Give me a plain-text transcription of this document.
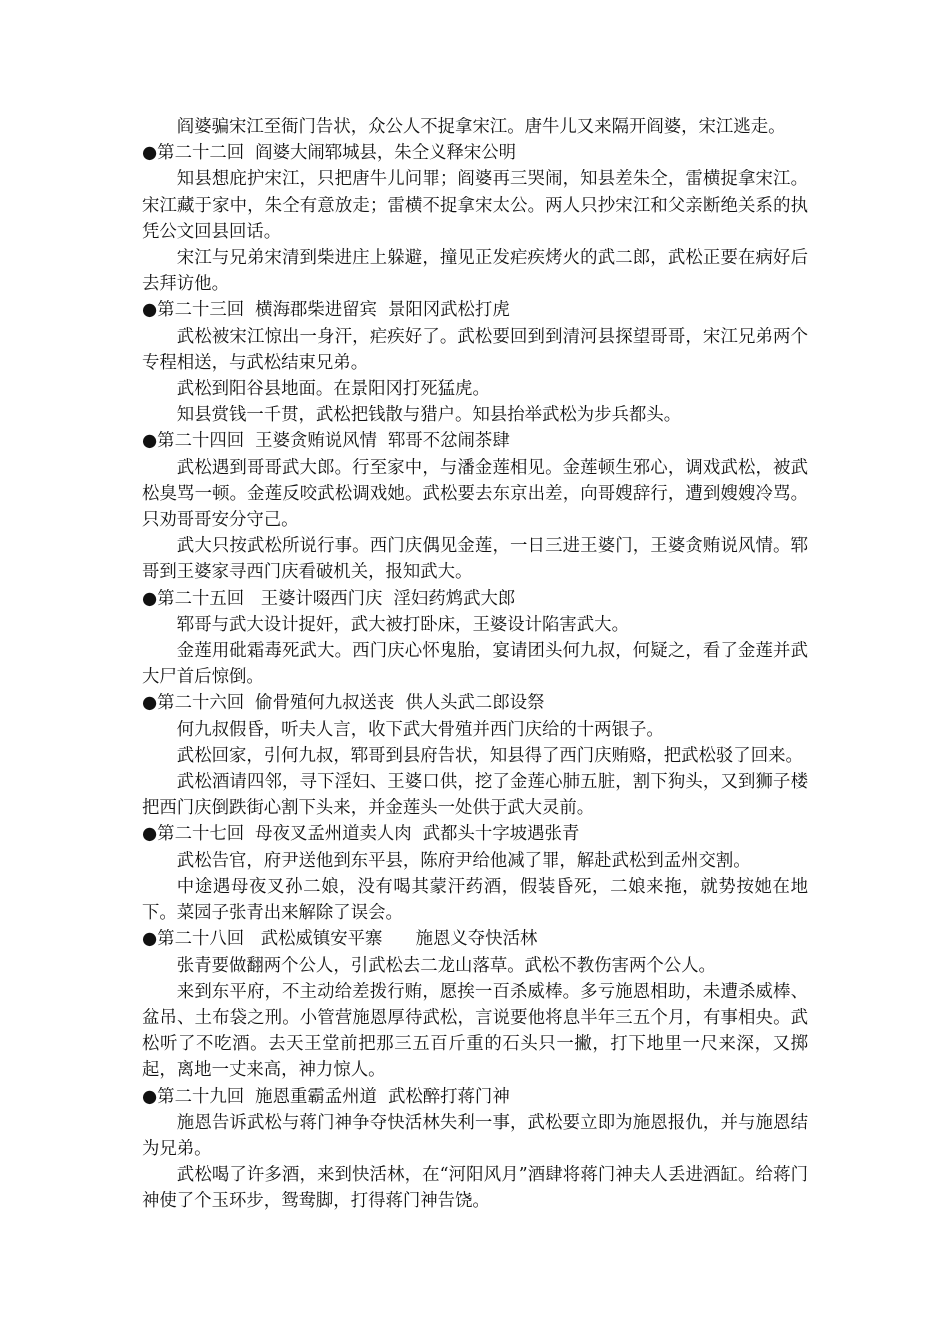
阎婆骗宋江至衙门告状，众公人不捉拿宋江。唐牛儿又来隔开阎婆，宋江逃走。

●第二十二回  阎婆大闹郓城县，朱仝义释宋公明

知县想庇护宋江，只把唐牛儿问罪；阎婆再三哭闹，知县差朱仝，雷横捉拿宋江。宋江藏于家中，朱仝有意放走；雷横不捉拿宋太公。两人只抄宋江和父亲断绝关系的执凭公文回县回话。

宋江与兄弟宋清到柴进庄上躲避，撞见正发疟疾烤火的武二郎，武松正要在病好后去拜访他。

●第二十三回  横海郡柴进留宾  景阳冈武松打虎

武松被宋江惊出一身汗，疟疾好了。武松要回到到清河县探望哥哥，宋江兄弟两个专程相送，与武松结束兄弟。

武松到阳谷县地面。在景阳冈打死猛虎。

知县赏钱一千贯，武松把钱散与猎户。知县抬举武松为步兵都头。

●第二十四回  王婆贪贿说风情  郓哥不忿闹茶肆

武松遇到哥哥武大郎。行至家中，与潘金莲相见。金莲顿生邪心，调戏武松，被武松臭骂一顿。金莲反咬武松调戏她。武松要去东京出差，向哥嫂辞行，遭到嫂嫂冷骂。只劝哥哥安分守己。

武大只按武松所说行事。西门庆偶见金莲，一日三进王婆门，王婆贪贿说风情。郓哥到王婆家寻西门庆看破机关，报知武大。

●第二十五回   王婆计啜西门庆  淫妇药鸩武大郎

郓哥与武大设计捉奸，武大被打卧床，王婆设计陷害武大。

金莲用砒霜毒死武大。西门庆心怀鬼胎，宴请团头何九叔，何疑之，看了金莲并武大尸首后惊倒。

●第二十六回  偷骨殖何九叔送丧  供人头武二郎设祭

何九叔假昏，听夫人言，收下武大骨殖并西门庆给的十两银子。

武松回家，引何九叔，郓哥到县府告状，知县得了西门庆贿赂，把武松驳了回来。

武松酒请四邻，寻下淫妇、王婆口供，挖了金莲心肺五脏，割下狗头，又到狮子楼把西门庆倒跌街心割下头来，并金莲头一处供于武大灵前。

●第二十七回  母夜叉孟州道卖人肉  武都头十字坡遇张青

武松告官，府尹送他到东平县，陈府尹给他减了罪，解赴武松到孟州交割。

中途遇母夜叉孙二娘，没有喝其蒙汗药酒，假装昏死，二娘来拖，就势按她在地下。菜园子张青出来解除了误会。

●第二十八回   武松威镇安平寨      施恩义夺快活林

张青要做翻两个公人，引武松去二龙山落草。武松不教伤害两个公人。

来到东平府，不主动给差拨行贿，愿挨一百杀威棒。多亏施恩相助，未遭杀威棒、盆吊、土布袋之刑。小管营施恩厚待武松，言说要他将息半年三五个月，有事相央。武松听了不吃酒。去天王堂前把那三五百斤重的石头只一撇，打下地里一尺来深，又掷起，离地一丈来高，神力惊人。

●第二十九回  施恩重霸孟州道  武松醉打蒋门神

施恩告诉武松与蒋门神争夺快活林失利一事，武松要立即为施恩报仇，并与施恩结为兄弟。

武松喝了许多酒，来到快活林，在“河阳风月”酒肆将蒋门神夫人丢进酒缸。给蒋门神使了个玉环步，鸳鸯脚，打得蒋门神告饶。
